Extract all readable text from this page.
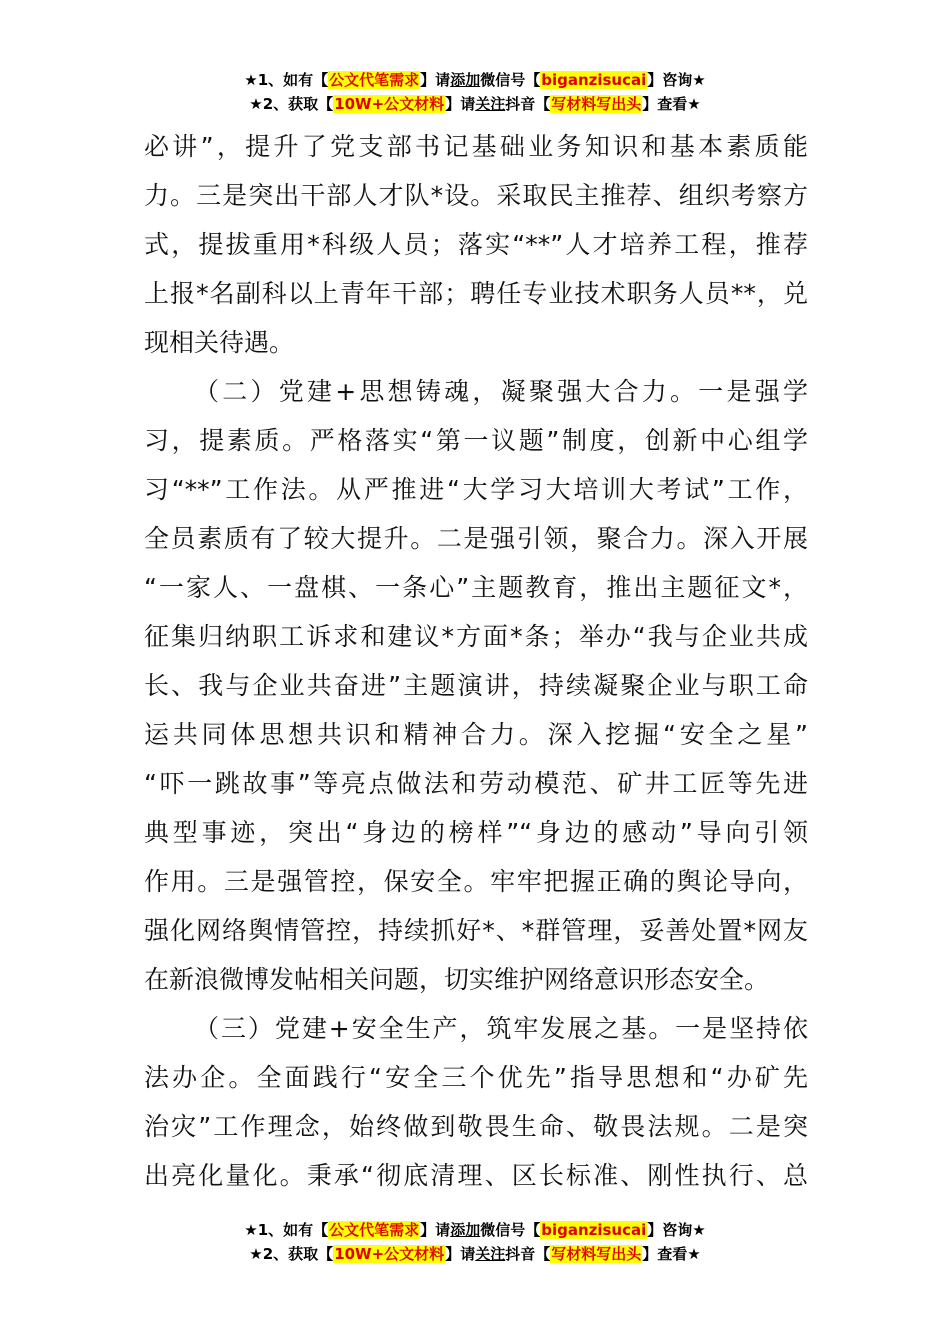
★1、如有【公文代笔需求】请添加微信号【biganzisucai】咨询★
★2、获取【10W+公文材料】请关注抖音【写材料写出头】查看★
必讲”，提升了党支部书记基础业务知识和基本素质能
力。三是突出干部人才队*设。采取民主推荐、组织考察方
式，提拔重用*科级人员；落实“**”人才培养工程，推荐
上报*名副科以上青年干部；聘任专业技术职务人员**，兑
现相关待遇。
（二）党建+思想铸魂，凝聚强大合力。一是强学
习，提素质。严格落实“第一议题”制度，创新中心组学
习“**”工作法。从严推进“大学习大培训大考试”工作，
全员素质有了较大提升。二是强引领，聚合力。深入开展
“一家人、一盘棋、一条心”主题教育，推出主题征文*，
征集归纳职工诉求和建议*方面*条；举办“我与企业共成
长、我与企业共奋进”主题演讲，持续凝聚企业与职工命
运共同体思想共识和精神合力。深入挖掘“安全之星”
“吓一跳故事”等亮点做法和劳动模范、矿井工匠等先进
典型事迹，突出“身边的榜样”“身边的感动”导向引领
作用。三是强管控，保安全。牢牢把握正确的舆论导向，
强化网络舆情管控，持续抓好*、*群管理，妥善处置*网友
在新浪微博发帖相关问题，切实维护网络意识形态安全。
（三）党建+安全生产，筑牢发展之基。一是坚持依
法办企。全面践行“安全三个优先”指导思想和“办矿先
治灾”工作理念，始终做到敬畏生命、敬畏法规。二是突
出亮化量化。秉承“彻底清理、区长标准、刚性执行、总
★1、如有【公文代笔需求】请添加微信号【biganzisucai】咨询★
★2、获取【10W+公文材料】请关注抖音【写材料写出头】查看★
